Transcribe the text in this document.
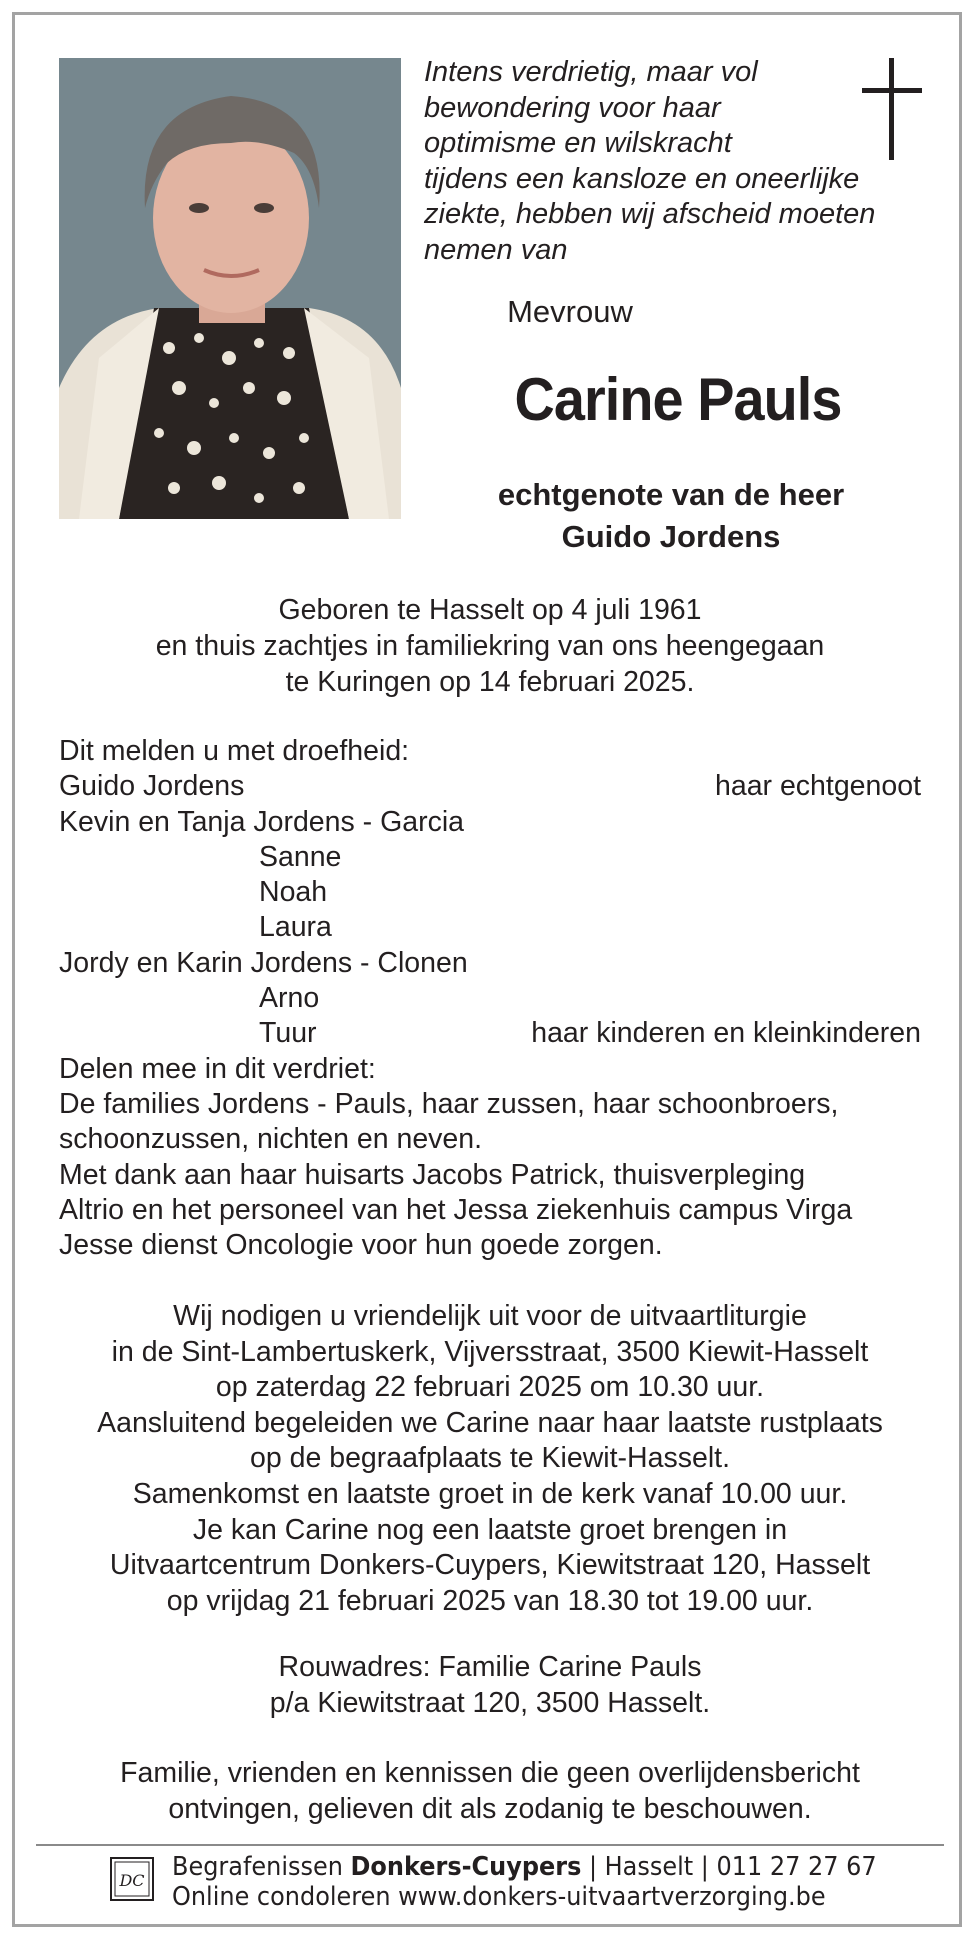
Intens verdrietig, maar vol
bewondering voor haar
optimisme en wilskracht
tijdens een kansloze en oneerlijke
ziekte, hebben wij afscheid moeten
nemen van
Mevrouw
Carine Pauls
echtgenote van de heer
Guido Jordens
Geboren te Hasselt op 4 juli 1961
en thuis zachtjes in familiekring van ons heengegaan
te Kuringen op 14 februari 2025.
Dit melden u met droefheid:
Guido Jordens	haar echtgenoot
Kevin en Tanja Jordens - Garcia
Sanne
Noah
Laura
Jordy en Karin Jordens - Clonen
Arno
Tuur	haar kinderen en kleinkinderen
Delen mee in dit verdriet:
De families Jordens - Pauls, haar zussen, haar schoonbroers,
schoonzussen, nichten en neven.
Met dank aan haar huisarts Jacobs Patrick, thuisverpleging
Altrio en het personeel van het Jessa ziekenhuis campus Virga
Jesse dienst Oncologie voor hun goede zorgen.
Wij nodigen u vriendelijk uit voor de uitvaartliturgie
in de Sint-Lambertuskerk, Vijversstraat, 3500 Kiewit-Hasselt
op zaterdag 22 februari 2025 om 10.30 uur.
Aansluitend begeleiden we Carine naar haar laatste rustplaats
op de begraafplaats te Kiewit-Hasselt.
Samenkomst en laatste groet in de kerk vanaf 10.00 uur.
Je kan Carine nog een laatste groet brengen in
Uitvaartcentrum Donkers-Cuypers, Kiewitstraat 120, Hasselt
op vrijdag 21 februari 2025 van 18.30 tot 19.00 uur.
Rouwadres: Familie Carine Pauls
p/a Kiewitstraat 120, 3500 Hasselt.
Familie, vrienden en kennissen die geen overlijdensbericht
ontvingen, gelieven dit als zodanig te beschouwen.
DC Begrafenissen Donkers-Cuypers | Hasselt | 011 27 27 67
Online condoleren www.donkers-uitvaartverzorging.be
